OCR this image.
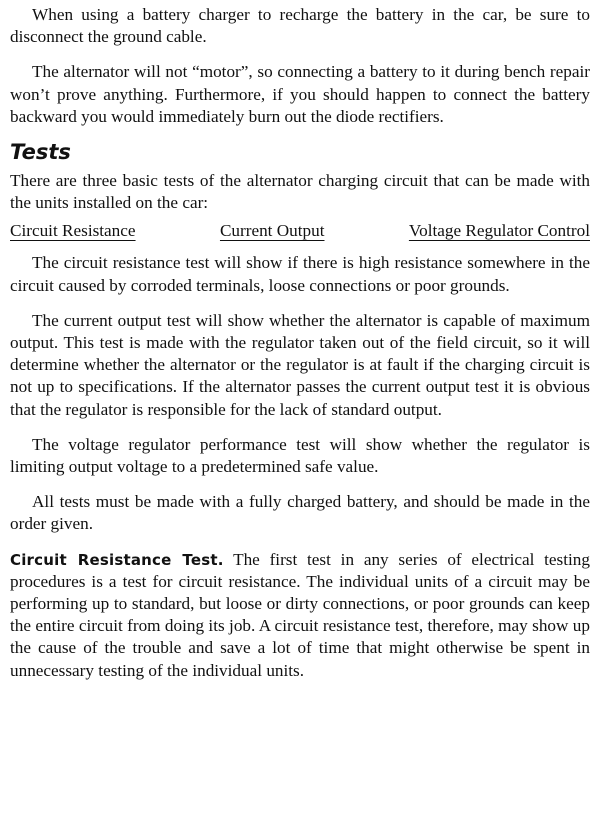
When using a battery charger to recharge the battery in the car, be sure to disconnect the ground cable.

The alternator will not “motor”, so connecting a battery to it during bench repair won’t prove anything. Furthermore, if you should happen to connect the battery backward you would immediately burn out the diode rectifiers.

Tests

There are three basic tests of the alternator charging circuit that can be made with the units installed on the car:

Circuit Resistance	Current Output	Voltage Regulator Control

The circuit resistance test will show if there is high resistance somewhere in the circuit caused by corroded terminals, loose connections or poor grounds.

The current output test will show whether the alternator is capable of maximum output. This test is made with the regulator taken out of the field circuit, so it will determine whether the alternator or the regulator is at fault if the charging circuit is not up to specifications. If the alternator passes the current output test it is obvious that the regulator is responsible for the lack of standard output.

The voltage regulator performance test will show whether the regulator is limiting output voltage to a predetermined safe value.

All tests must be made with a fully charged battery, and should be made in the order given.

Circuit Resistance Test. The first test in any series of electrical testing procedures is a test for circuit resistance. The individual units of a circuit may be performing up to standard, but loose or dirty connections, or poor grounds can keep the entire circuit from doing its job. A circuit resistance test, therefore, may show up the cause of the trouble and save a lot of time that might otherwise be spent in unnecessary testing of the individual units.
